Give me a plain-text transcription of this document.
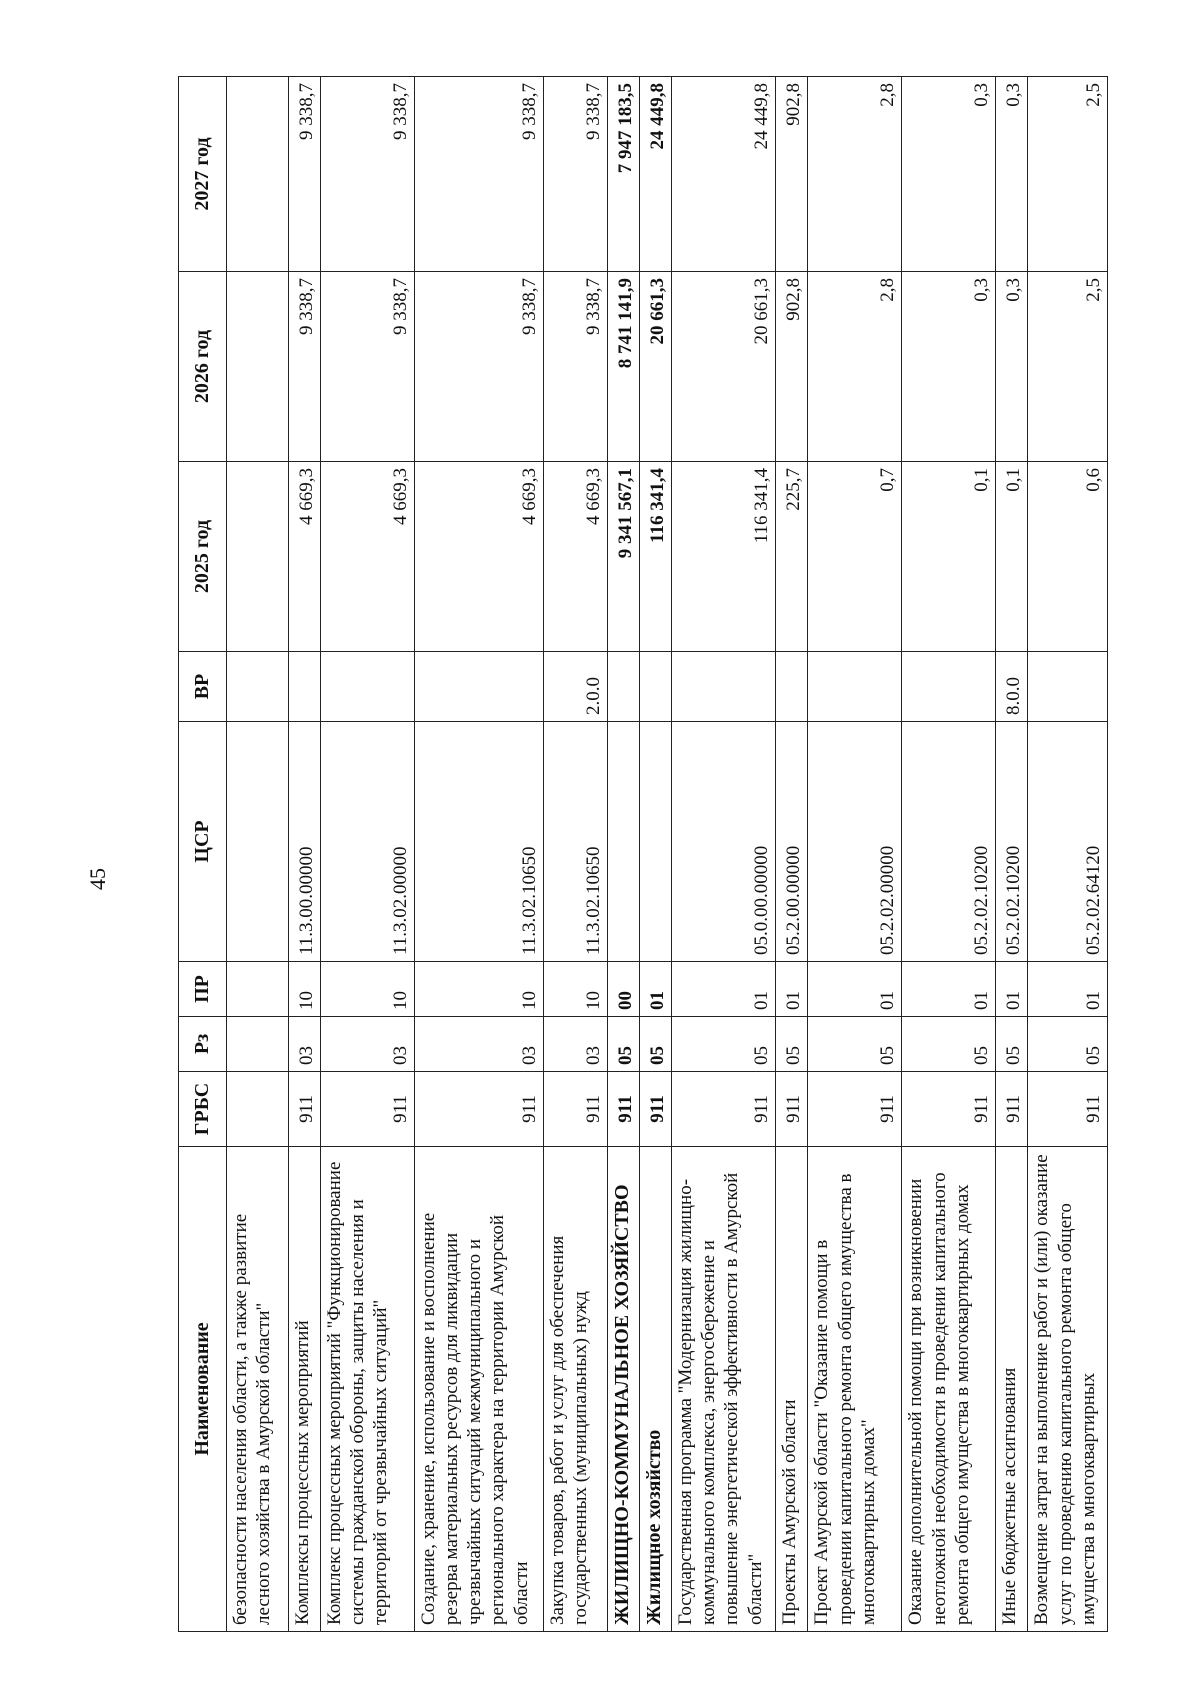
45
Наименование	ГРБС	Рз	ПР	ЦСР	ВР	2025 год	2026 год	2027 год
безопасности населения области, а также развитие лесного хозяйства в Амурской области"								
Комплексы процессных мероприятий	911	03	10	11.3.00.00000		4 669,3	9 338,7	9 338,7
Комплекс процессных мероприятий "Функционирование системы гражданской обороны, защиты населения и территорий от чрезвычайных ситуаций"	911	03	10	11.3.02.00000		4 669,3	9 338,7	9 338,7
Создание, хранение, использование и восполнение резерва материальных ресурсов для ликвидации чрезвычайных ситуаций межмуниципального и регионального характера на территории Амурской области	911	03	10	11.3.02.10650		4 669,3	9 338,7	9 338,7
Закупка товаров, работ и услуг для обеспечения государственных (муниципальных) нужд	911	03	10	11.3.02.10650	2.0.0	4 669,3	9 338,7	9 338,7
ЖИЛИЩНО-КОММУНАЛЬНОЕ ХОЗЯЙСТВО	911	05	00			9 341 567,1	8 741 141,9	7 947 183,5
Жилищное хозяйство	911	05	01			116 341,4	20 661,3	24 449,8
Государственная программа "Модернизация жилищно-коммунального комплекса, энергосбережение и повышение энергетической эффективности в Амурской области"	911	05	01	05.0.00.00000		116 341,4	20 661,3	24 449,8
Проекты Амурской области	911	05	01	05.2.00.00000		225,7	902,8	902,8
Проект Амурской области "Оказание помощи в проведении капитального ремонта общего имущества в многоквартирных домах"	911	05	01	05.2.02.00000		0,7	2,8	2,8
Оказание дополнительной помощи при возникновении неотложной необходимости в проведении капитального ремонта общего имущества в многоквартирных домах	911	05	01	05.2.02.10200		0,1	0,3	0,3
Иные бюджетные ассигнования	911	05	01	05.2.02.10200	8.0.0	0,1	0,3	0,3
Возмещение затрат на выполнение работ и (или) оказание услуг по проведению капитального ремонта общего имущества в многоквартирных	911	05	01	05.2.02.64120		0,6	2,5	2,5
